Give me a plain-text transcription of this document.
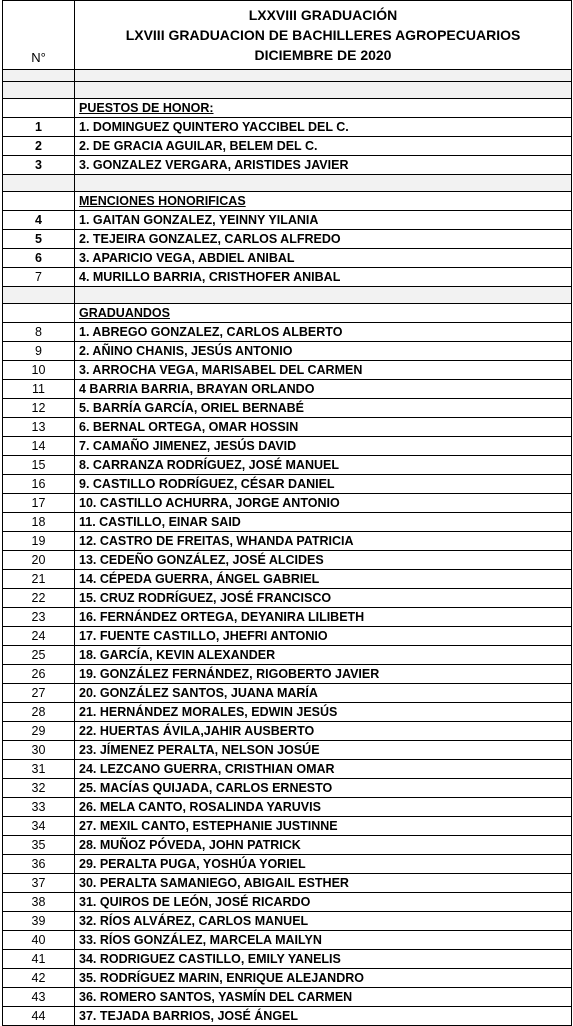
N°	LXXVIII GRADUACIÓN
LXVIII GRADUACION DE BACHILLERES AGROPECUARIOS
DICIEMBRE DE 2020

	PUESTOS DE HONOR:
1	1. DOMINGUEZ QUINTERO YACCIBEL DEL C.
2	2. DE GRACIA AGUILAR, BELEM DEL C.
3	3. GONZALEZ VERGARA, ARISTIDES JAVIER

	MENCIONES HONORIFICAS
4	1. GAITAN GONZALEZ, YEINNY YILANIA
5	2. TEJEIRA GONZALEZ, CARLOS ALFREDO
6	3. APARICIO VEGA, ABDIEL ANIBAL
7	4. MURILLO BARRIA, CRISTHOFER ANIBAL

	GRADUANDOS
8	1. ABREGO GONZALEZ, CARLOS ALBERTO
9	2. AÑINO CHANIS, JESÚS ANTONIO
10	3. ARROCHA VEGA, MARISABEL DEL CARMEN
11	4 BARRIA BARRIA, BRAYAN ORLANDO
12	5. BARRÍA GARCÍA, ORIEL BERNABÉ
13	6. BERNAL ORTEGA, OMAR HOSSIN
14	7. CAMAÑO JIMENEZ, JESÚS DAVID
15	8. CARRANZA RODRÍGUEZ, JOSÉ MANUEL
16	9. CASTILLO RODRÍGUEZ, CÉSAR DANIEL
17	10. CASTILLO ACHURRA, JORGE ANTONIO
18	11. CASTILLO, EINAR SAID
19	12. CASTRO DE FREITAS, WHANDA PATRICIA
20	13. CEDEÑO GONZÁLEZ, JOSÉ ALCIDES
21	14. CÉPEDA GUERRA, ÁNGEL GABRIEL
22	15. CRUZ RODRÍGUEZ, JOSÉ FRANCISCO
23	16. FERNÁNDEZ ORTEGA, DEYANIRA LILIBETH
24	17. FUENTE CASTILLO, JHEFRI ANTONIO
25	18. GARCÍA, KEVIN ALEXANDER
26	19. GONZÁLEZ FERNÁNDEZ, RIGOBERTO JAVIER
27	20. GONZÁLEZ SANTOS, JUANA MARÍA
28	21. HERNÁNDEZ MORALES, EDWIN JESÚS
29	22. HUERTAS ÁVILA,JAHIR AUSBERTO
30	23. JÍMENEZ PERALTA, NELSON JOSÚE
31	24. LEZCANO GUERRA, CRISTHIAN OMAR
32	25. MACÍAS QUIJADA, CARLOS ERNESTO
33	26. MELA CANTO, ROSALINDA YARUVIS
34	27. MEXIL CANTO, ESTEPHANIE JUSTINNE
35	28. MUÑOZ PÓVEDA, JOHN PATRICK
36	29. PERALTA PUGA, YOSHÚA YORIEL
37	30. PERALTA SAMANIEGO, ABIGAIL ESTHER
38	31. QUIROS DE LEÓN, JOSÉ RICARDO
39	32. RÍOS ALVÁREZ, CARLOS MANUEL
40	33. RÍOS GONZÁLEZ, MARCELA MAILYN
41	34. RODRIGUEZ CASTILLO, EMILY YANELIS
42	35. RODRÍGUEZ MARIN, ENRIQUE ALEJANDRO
43	36. ROMERO SANTOS, YASMÍN DEL CARMEN
44	37. TEJADA BARRIOS, JOSÉ ÁNGEL
